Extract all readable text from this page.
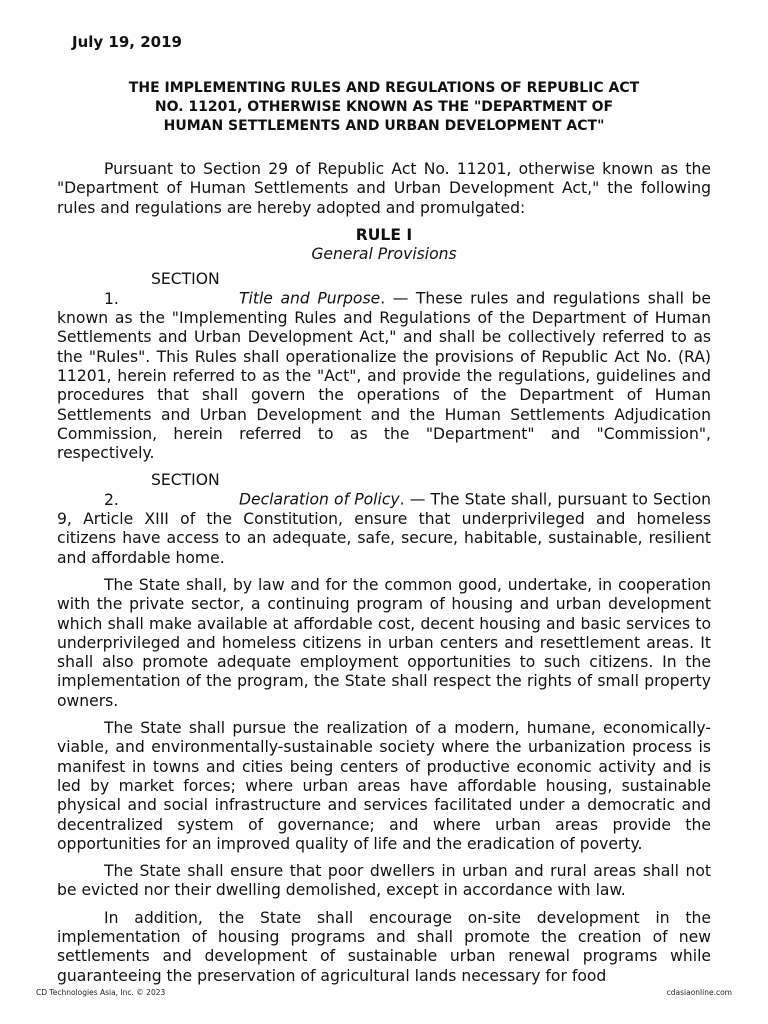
July 19, 2019

THE IMPLEMENTING RULES AND REGULATIONS OF REPUBLIC ACT
NO. 11201, OTHERWISE KNOWN AS THE "DEPARTMENT OF
HUMAN SETTLEMENTS AND URBAN DEVELOPMENT ACT"

Pursuant to Section 29 of Republic Act No. 11201, otherwise known as the "Department of Human Settlements and Urban Development Act," the following rules and regulations are hereby adopted and promulgated:

RULE I
General Provisions

SECTION 1.	Title and Purpose. — These rules and regulations shall be known as the "Implementing Rules and Regulations of the Department of Human Settlements and Urban Development Act," and shall be collectively referred to as the "Rules". This Rules shall operationalize the provisions of Republic Act No. (RA) 11201, herein referred to as the "Act", and provide the regulations, guidelines and procedures that shall govern the operations of the Department of Human Settlements and Urban Development and the Human Settlements Adjudication Commission, herein referred to as the "Department" and "Commission", respectively.

SECTION 2.	Declaration of Policy. — The State shall, pursuant to Section 9, Article XIII of the Constitution, ensure that underprivileged and homeless citizens have access to an adequate, safe, secure, habitable, sustainable, resilient and affordable home.

The State shall, by law and for the common good, undertake, in cooperation with the private sector, a continuing program of housing and urban development which shall make available at affordable cost, decent housing and basic services to underprivileged and homeless citizens in urban centers and resettlement areas. It shall also promote adequate employment opportunities to such citizens. In the implementation of the program, the State shall respect the rights of small property owners.

The State shall pursue the realization of a modern, humane, economically-viable, and environmentally-sustainable society where the urbanization process is manifest in towns and cities being centers of productive economic activity and is led by market forces; where urban areas have affordable housing, sustainable physical and social infrastructure and services facilitated under a democratic and decentralized system of governance; and where urban areas provide the opportunities for an improved quality of life and the eradication of poverty.

The State shall ensure that poor dwellers in urban and rural areas shall not be evicted nor their dwelling demolished, except in accordance with law.

In addition, the State shall encourage on-site development in the implementation of housing programs and shall promote the creation of new settlements and development of sustainable urban renewal programs while guaranteeing the preservation of agricultural lands necessary for food

CD Technologies Asia, Inc. © 2023	cdasiaonline.com
